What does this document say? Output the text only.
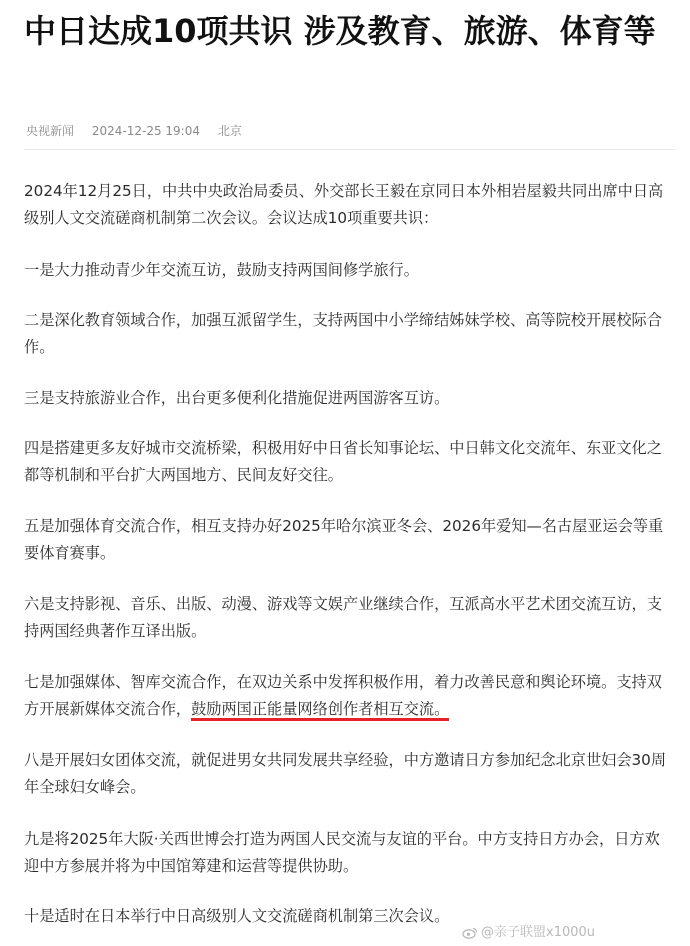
中日达成10项共识 涉及教育、旅游、体育等
央视新闻 2024-12-25 19:04 北京

2024年12月25日，中共中央政治局委员、外交部长王毅在京同日本外相岩屋毅共同出席中日高级别人文交流磋商机制第二次会议。会议达成10项重要共识：

一是大力推动青少年交流互访，鼓励支持两国间修学旅行。

二是深化教育领域合作，加强互派留学生，支持两国中小学缔结姊妹学校、高等院校开展校际合作。

三是支持旅游业合作，出台更多便利化措施促进两国游客互访。

四是搭建更多友好城市交流桥梁，积极用好中日省长知事论坛、中日韩文化交流年、东亚文化之都等机制和平台扩大两国地方、民间友好交往。

五是加强体育交流合作，相互支持办好2025年哈尔滨亚冬会、2026年爱知—名古屋亚运会等重要体育赛事。

六是支持影视、音乐、出版、动漫、游戏等文娱产业继续合作，互派高水平艺术团交流互访，支持两国经典著作互译出版。

七是加强媒体、智库交流合作，在双边关系中发挥积极作用，着力改善民意和舆论环境。支持双方开展新媒体交流合作，鼓励两国正能量网络创作者相互交流。

八是开展妇女团体交流，就促进男女共同发展共享经验，中方邀请日方参加纪念北京世妇会30周年全球妇女峰会。

九是将2025年大阪·关西世博会打造为两国人民交流与友谊的平台。中方支持日方办会，日方欢迎中方参展并将为中国馆筹建和运营等提供协助。

十是适时在日本举行中日高级别人文交流磋商机制第三次会议。

@亲子联盟x1000u
